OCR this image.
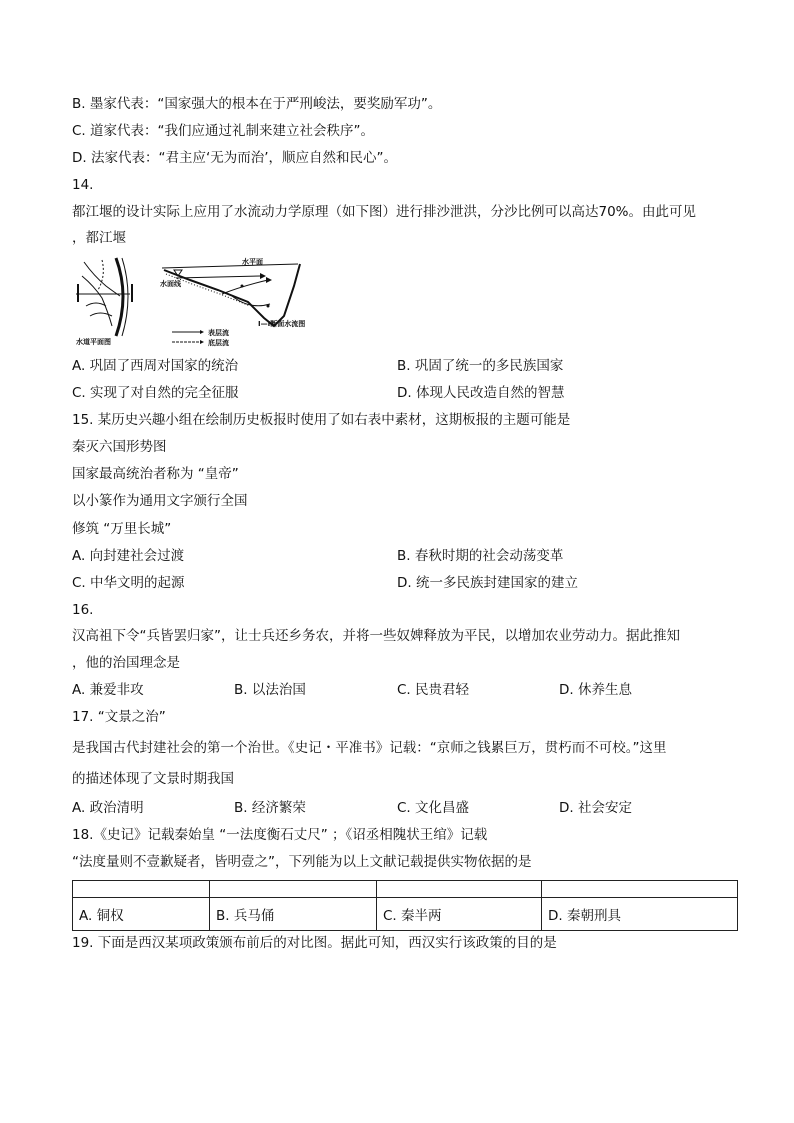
B. 墨家代表：“国家强大的根本在于严刑峻法，要奖励军功”。
C. 道家代表：“我们应通过礼制来建立社会秩序”。
D. 法家代表：“君主应‘无为而治’，顺应自然和民心”。
14.
都江堰的设计实际上应用了水流动力学原理（如下图）进行排沙泄洪，分沙比例可以高达70%。由此可见
，都江堰
水道平面图
水平面
水面线
I—I断面水流图
表层流
底层流
A. 巩固了西周对国家的统治	B. 巩固了统一的多民族国家
C. 实现了对自然的完全征服	D. 体现人民改造自然的智慧
15. 某历史兴趣小组在绘制历史板报时使用了如右表中素材，这期板报的主题可能是
秦灭六国形势图
国家最高统治者称为 “皇帝”
以小篆作为通用文字颁行全国
修筑 “万里长城”
A. 向封建社会过渡	B. 春秋时期的社会动荡变革
C. 中华文明的起源	D. 统一多民族封建国家的建立
16.
汉高祖下令“兵皆罢归家”，让士兵还乡务农，并将一些奴婢释放为平民，以增加农业劳动力。据此推知
，他的治国理念是
A. 兼爱非攻	B. 以法治国	C. 民贵君轻	D. 休养生息
17. “文景之治”
是我国古代封建社会的第一个治世。《史记・平准书》记载：“京师之钱累巨万，贯朽而不可校。”这里
的描述体现了文景时期我国
A. 政治清明	B. 经济繁荣	C. 文化昌盛	D. 社会安定
18.《史记》记载秦始皇 “一法度衡石丈尺” ；《诏丞相隗状王绾》记载
“法度量则不壹歉疑者，皆明壹之”，下列能为以上文献记载提供实物依据的是

A. 铜权	B. 兵马俑	C. 秦半两	D. 秦朝刑具
19. 下面是西汉某项政策颁布前后的对比图。据此可知，西汉实行该政策的目的是
